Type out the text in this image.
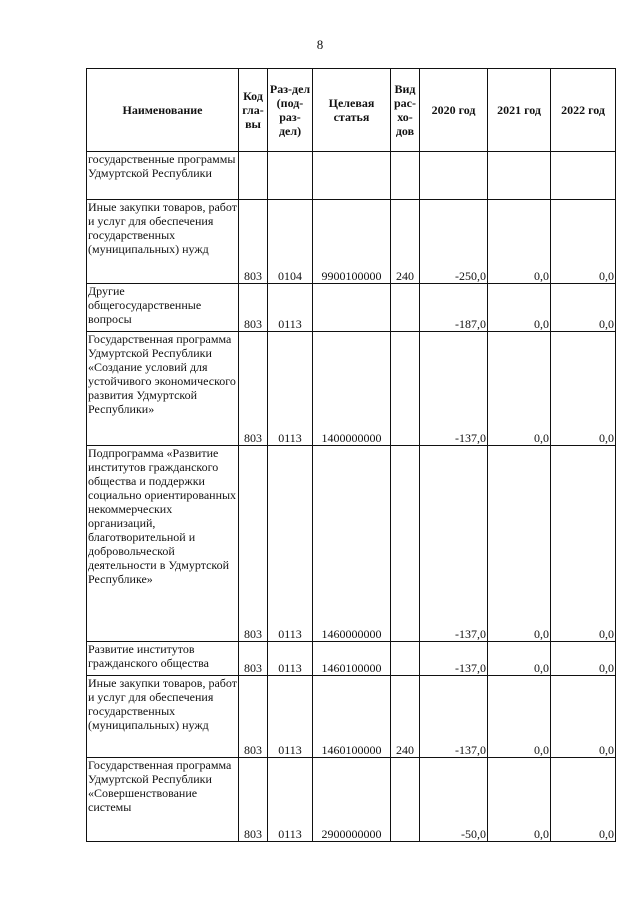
8
Наименование	Код гла-вы	Раз-дел (под-раз-дел)	Целевая статья	Вид рас-хо-дов	2020 год	2021 год	2022 год
государственные программы Удмуртской Республики							
Иные закупки товаров, работ и услуг для обеспечения государственных (муниципальных) нужд	803	0104	9900100000	240	-250,0	0,0	0,0
Другие общегосударственные вопросы	803	0113			-187,0	0,0	0,0
Государственная программа Удмуртской Республики «Создание условий для устойчивого экономического развития Удмуртской Республики»	803	0113	1400000000		-137,0	0,0	0,0
Подпрограмма «Развитие институтов гражданского общества и поддержки социально ориентированных некоммерческих организаций, благотворительной и добровольческой деятельности в Удмуртской Республике»	803	0113	1460000000		-137,0	0,0	0,0
Развитие институтов гражданского общества	803	0113	1460100000		-137,0	0,0	0,0
Иные закупки товаров, работ и услуг для обеспечения государственных (муниципальных) нужд	803	0113	1460100000	240	-137,0	0,0	0,0
Государственная программа Удмуртской Республики «Совершенствование системы	803	0113	2900000000		-50,0	0,0	0,0
